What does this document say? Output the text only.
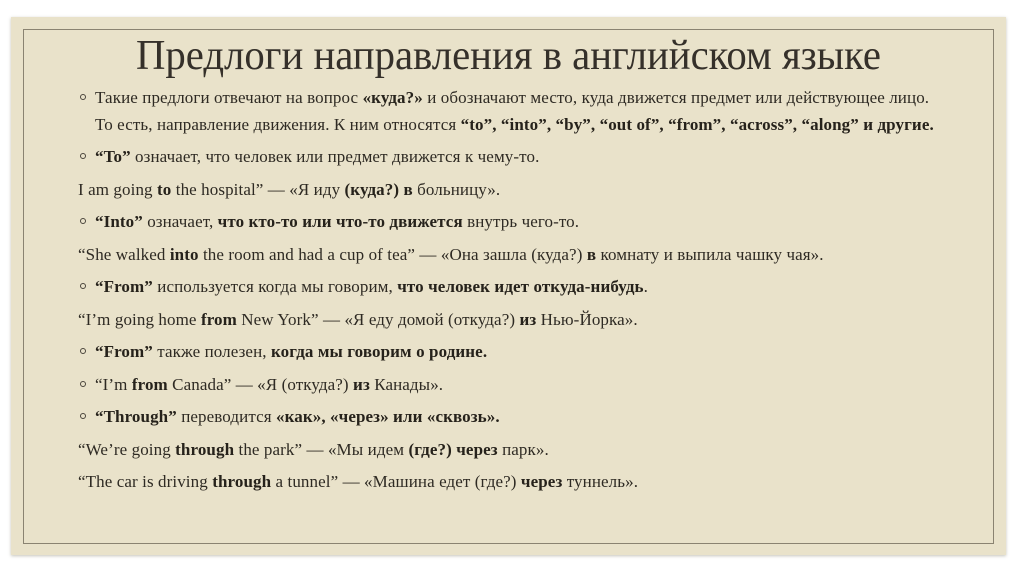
Предлоги направления в английском языке
Такие предлоги отвечают на вопрос «куда?» и обозначают место, куда движется предмет или действующее лицо. То есть, направление движения. К ним относятся “to”, “into”, “by”, “out of”, “from”, “across”, “along” и другие.
“To” означает, что человек или предмет движется к чему-то.
I am going to the hospital” — «Я иду (куда?) в больницу».
“Into” означает, что кто-то или что-то движется внутрь чего-то.
“She walked into the room and had a cup of tea” — «Она зашла (куда?) в комнату и выпила чашку чая».
“From” используется когда мы говорим, что человек идет откуда-нибудь.
“I’m going home from New York” — «Я еду домой (откуда?) из Нью-Йорка».
“From” также полезен, когда мы говорим о родине.
“I’m from Canada” — «Я (откуда?) из Канады».
“Through” переводится «как», «через» или «сквозь».
“We’re going through the park” — «Мы идем (где?) через парк».
“The car is driving through a tunnel” — «Машина едет (где?) через туннель».
